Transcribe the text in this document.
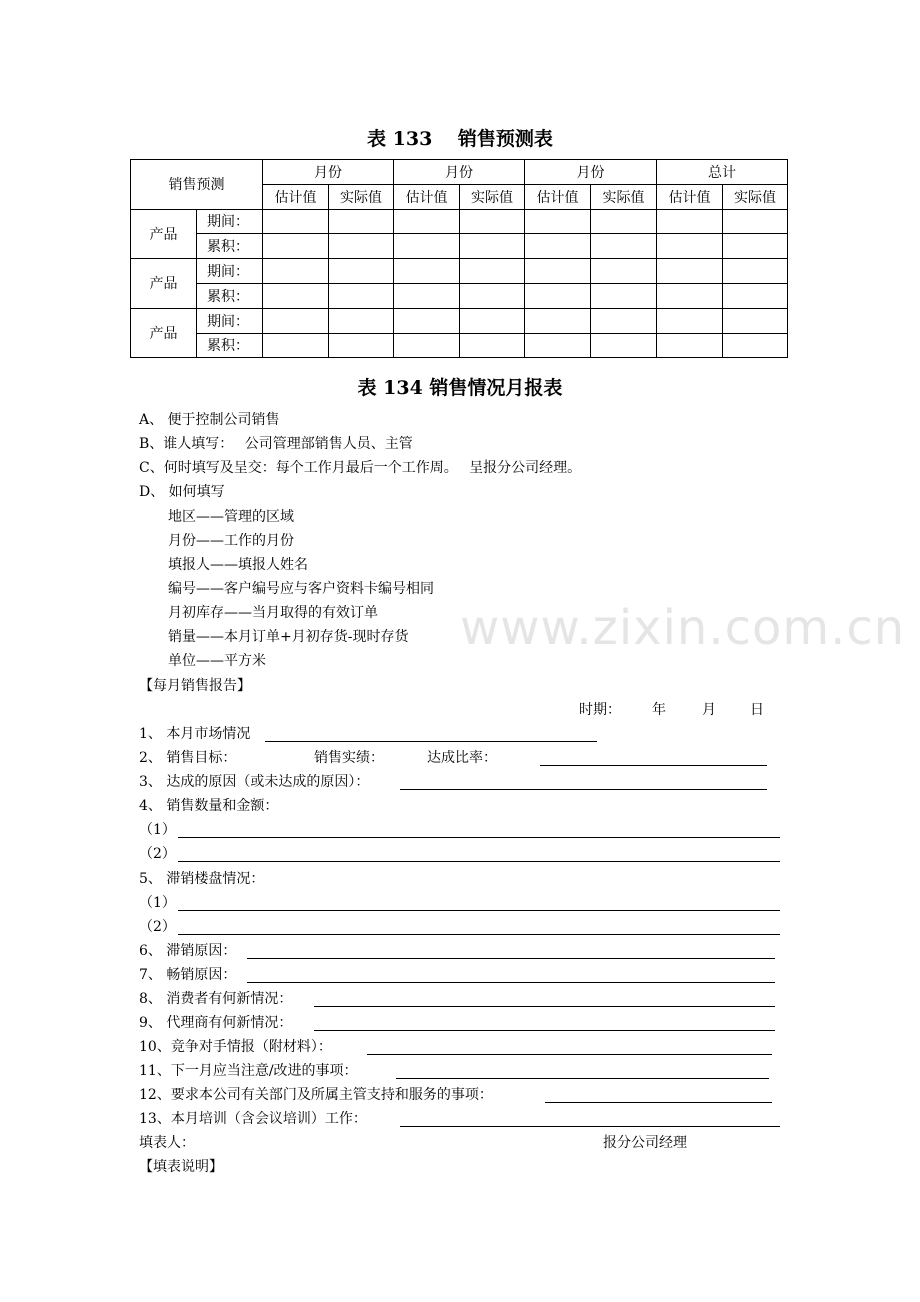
表 133　 销售预测表
销售预测		月份		月份		月份		总计	
		估计值	实际值	估计值	实际值	估计值	实际值	估计值	实际值
产品	期间：								
	累积：								
产品	期间：								
	累积：								
产品	期间：								
	累积：								
表 134 销售情况月报表
A、 便于控制公司销售
B、谁人填写：　 公司管理部销售人员、主管
C、何时填写及呈交：每个工作月最后一个工作周。　 呈报分公司经理。
D、 如何填写
地区——管理的区域
月份——工作的月份
填报人——填报人姓名
编号——客户编号应与客户资料卡编号相同
月初库存——当月取得的有效订单
销量——本月订单+月初存货-现时存货
单位——平方米
【每月销售报告】
时期： 年	月 日
1、 本月市场情况
2、 销售目标：	销售实绩：	达成比率：
3、 达成的原因（或未达成的原因）：
4、 销售数量和金额：
（1）
（2）
5、 滞销楼盘情况：
（1）
（2）
6、 滞销原因：
7、 畅销原因：
8、 消费者有何新情况：
9、 代理商有何新情况：
10、竞争对手情报（附材料）：
11、下一月应当注意/改进的事项：
12、要求本公司有关部门及所属主管支持和服务的事项：
13、本月培训（含会议培训）工作：
填表人：	报分公司经理
【填表说明】
www.zixin.com.cn
